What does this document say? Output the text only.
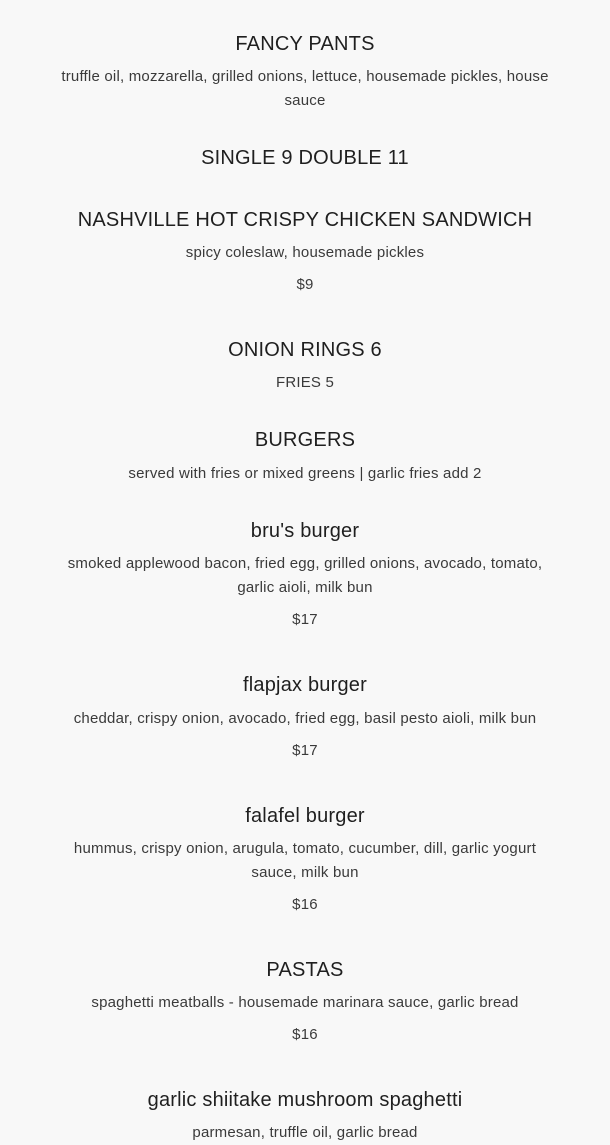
FANCY PANTS
truffle oil, mozzarella, grilled onions, lettuce, housemade pickles, house sauce
SINGLE 9 DOUBLE 11
NASHVILLE HOT CRISPY CHICKEN SANDWICH
spicy coleslaw, housemade pickles
$9
ONION RINGS 6
FRIES 5
BURGERS
served with fries or mixed greens | garlic fries add 2
bru's burger
smoked applewood bacon, fried egg, grilled onions, avocado, tomato, garlic aioli, milk bun
$17
flapjax burger
cheddar, crispy onion, avocado, fried egg, basil pesto aioli, milk bun
$17
falafel burger
hummus, crispy onion, arugula, tomato, cucumber, dill, garlic yogurt sauce, milk bun
$16
PASTAS
spaghetti meatballs - housemade marinara sauce, garlic bread
$16
garlic shiitake mushroom spaghetti
parmesan, truffle oil, garlic bread
